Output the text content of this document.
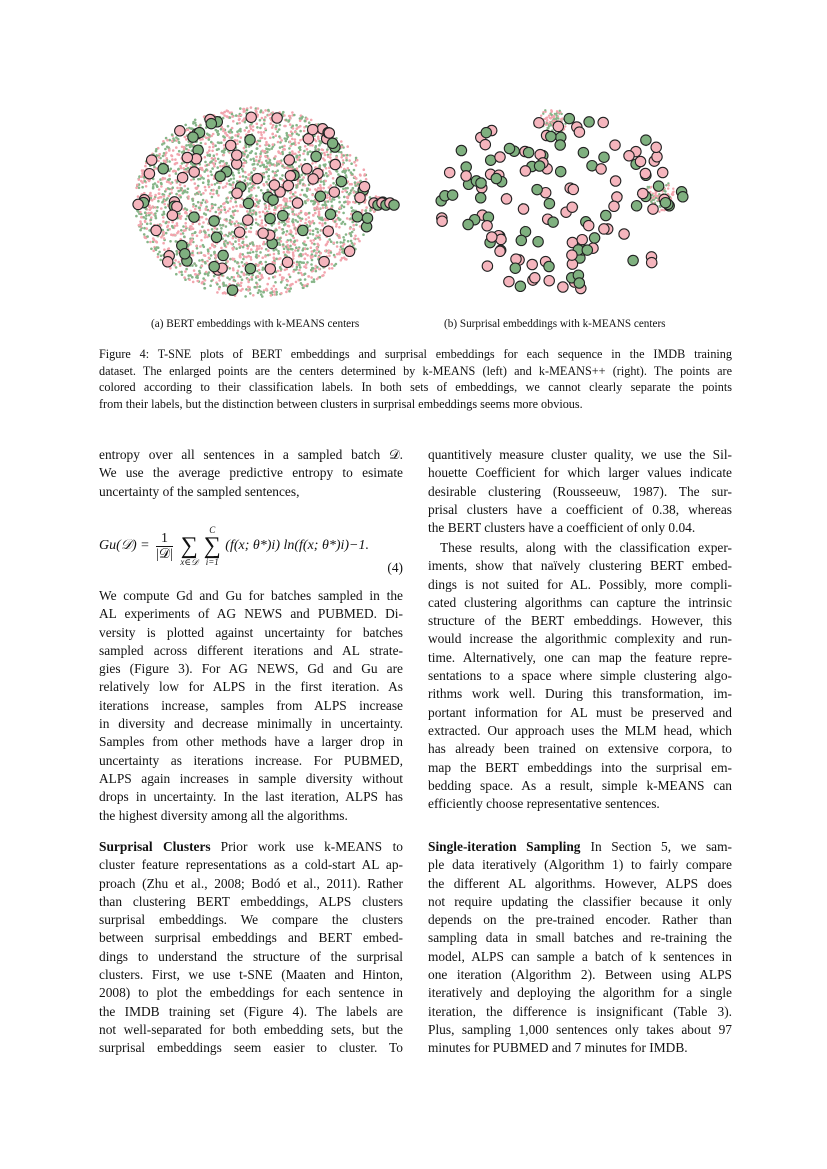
(a) BERT embeddings with k-MEANS centers	(b) Surprisal embeddings with k-MEANS centers
Figure 4: T-SNE plots of BERT embeddings and surprisal embeddings for each sequence in the IMDB training
dataset. The enlarged points are the centers determined by k-MEANS (left) and k-MEANS++ (right). The points are
colored according to their classification labels. In both sets of embeddings, we cannot clearly separate the points
from their labels, but the distinction between clusters in surprisal embeddings seems more obvious.
entropy over all sentences in a sampled batch 𝒟.
We use the average predictive entropy to esimate
uncertainty of the sampled sentences,
Gu(𝒟) = $\frac{1}{\text{|𝒟|}}$

∑
x∈𝒟

C
∑
i=1
(f(x; θ*)i) ln(f(x; θ*)i)−1.
(4)
We compute Gd and Gu for batches sampled in the
AL experiments of AG NEWS and PUBMED. Di-
versity is plotted against uncertainty for batches
sampled across different iterations and AL strate-
gies (Figure 3). For AG NEWS, Gd and Gu are
relatively low for ALPS in the first iteration. As
iterations increase, samples from ALPS increase
in diversity and decrease minimally in uncertainty.
Samples from other methods have a larger drop in
uncertainty as iterations increase. For PUBMED,
ALPS again increases in sample diversity without
drops in uncertainty. In the last iteration, ALPS has
the highest diversity among all the algorithms.
Surprisal Clusters Prior work use k-MEANS to
cluster feature representations as a cold-start AL ap-
proach (Zhu et al., 2008; Bodó et al., 2011). Rather
than clustering BERT embeddings, ALPS clusters
surprisal embeddings. We compare the clusters
between surprisal embeddings and BERT embed-
dings to understand the structure of the surprisal
clusters. First, we use t-SNE (Maaten and Hinton,
2008) to plot the embeddings for each sentence in
the IMDB training set (Figure 4). The labels are
not well-separated for both embedding sets, but the
surprisal embeddings seem easier to cluster. To
quantitively measure cluster quality, we use the Sil-
houette Coefficient for which larger values indicate
desirable clustering (Rousseeuw, 1987). The sur-
prisal clusters have a coefficient of 0.38, whereas
the BERT clusters have a coefficient of only 0.04.
These results, along with the classification exper-
iments, show that naïvely clustering BERT embed-
dings is not suited for AL. Possibly, more compli-
cated clustering algorithms can capture the intrinsic
structure of the BERT embeddings. However, this
would increase the algorithmic complexity and run-
time. Alternatively, one can map the feature repre-
sentations to a space where simple clustering algo-
rithms work well. During this transformation, im-
portant information for AL must be preserved and
extracted. Our approach uses the MLM head, which
has already been trained on extensive corpora, to
map the BERT embeddings into the surprisal em-
bedding space. As a result, simple k-MEANS can
efficiently choose representative sentences.
Single-iteration Sampling In Section 5, we sam-
ple data iteratively (Algorithm 1) to fairly compare
the different AL algorithms. However, ALPS does
not require updating the classifier because it only
depends on the pre-trained encoder. Rather than
sampling data in small batches and re-training the
model, ALPS can sample a batch of k sentences in
one iteration (Algorithm 2). Between using ALPS
iteratively and deploying the algorithm for a single
iteration, the difference is insignificant (Table 3).
Plus, sampling 1,000 sentences only takes about 97
minutes for PUBMED and 7 minutes for IMDB.
